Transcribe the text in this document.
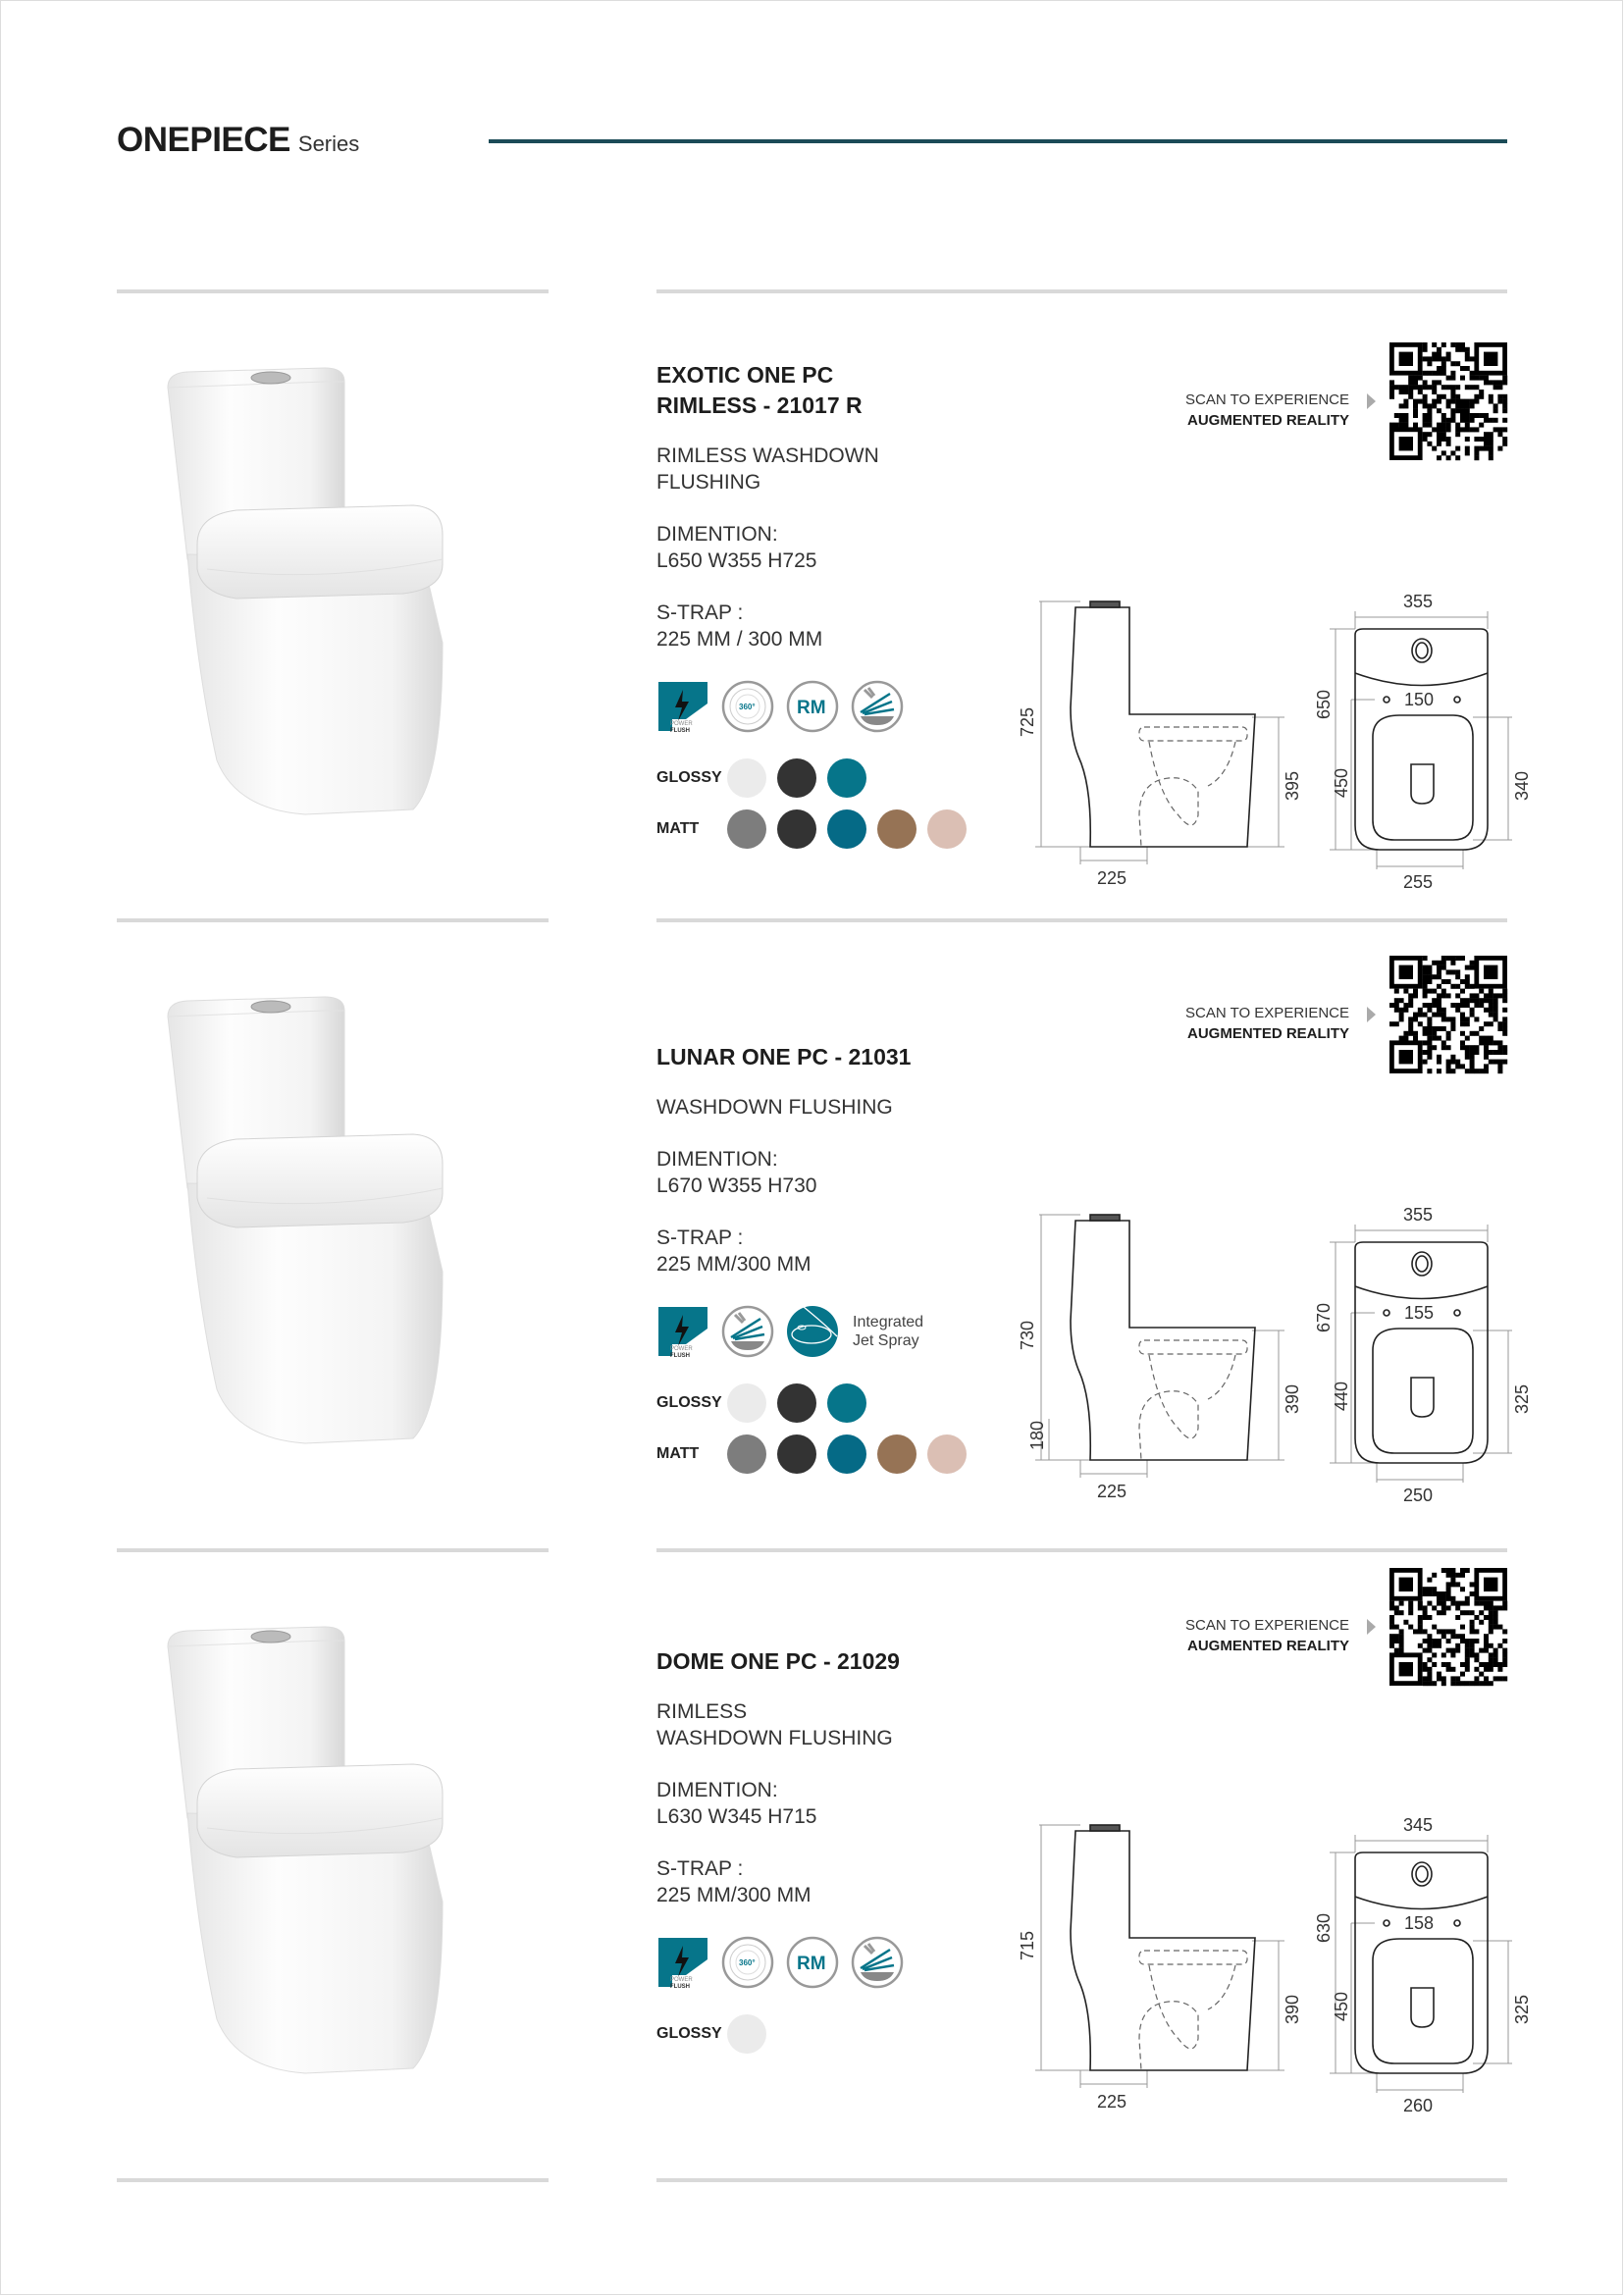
ONEPIECE Series
EXOTIC ONE PC
RIMLESS - 21017 R
RIMLESS WASHDOWN
FLUSHING
DIMENTION:
L650 W355 H725
S-TRAP :
225 MM / 300 MM
POWER
FLUSH
360° RM
GLOSSY
MATT
SCAN TO EXPERIENCE
AUGMENTED REALITY
725
395
225
355
150
650
450	340
255
LUNAR ONE PC - 21031
WASHDOWN FLUSHING
DIMENTION:
L670 W355 H730
S-TRAP :
225 MM/300 MM
POWER
FLUSH
Integrated
Jet Spray
GLOSSY
MATT
SCAN TO EXPERIENCE
AUGMENTED REALITY
730
390
225
180
355
155
670
440	325
250
DOME ONE PC - 21029
RIMLESS
WASHDOWN FLUSHING
DIMENTION:
L630 W345 H715
S-TRAP :
225 MM/300 MM
POWER
FLUSH
360° RM
GLOSSY
SCAN TO EXPERIENCE
AUGMENTED REALITY
715
390
225
345
158
630
450	325
260
